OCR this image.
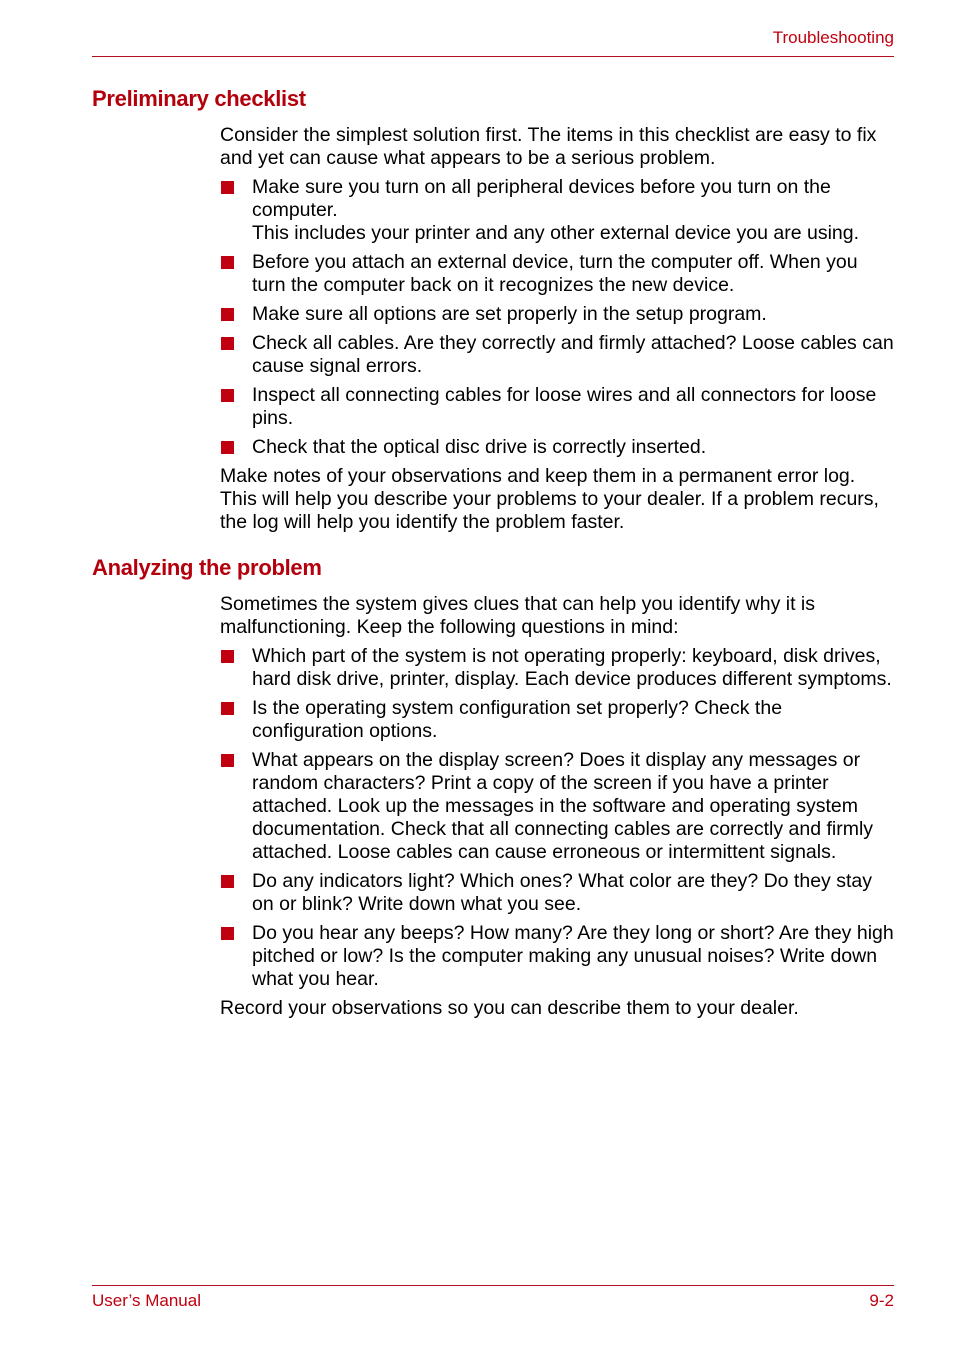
Troubleshooting
Preliminary checklist

Consider the simplest solution first. The items in this checklist are easy to fix and yet can cause what appears to be a serious problem.

Make sure you turn on all peripheral devices before you turn on the computer.
This includes your printer and any other external device you are using.
Before you attach an external device, turn the computer off. When you turn the computer back on it recognizes the new device.
Make sure all options are set properly in the setup program.
Check all cables. Are they correctly and firmly attached? Loose cables can cause signal errors.
Inspect all connecting cables for loose wires and all connectors for loose pins.
Check that the optical disc drive is correctly inserted.

Make notes of your observations and keep them in a permanent error log. This will help you describe your problems to your dealer. If a problem recurs, the log will help you identify the problem faster.

Analyzing the problem

Sometimes the system gives clues that can help you identify why it is malfunctioning. Keep the following questions in mind:

Which part of the system is not operating properly: keyboard, disk drives, hard disk drive, printer, display. Each device produces different symptoms.
Is the operating system configuration set properly? Check the configuration options.
What appears on the display screen? Does it display any messages or random characters? Print a copy of the screen if you have a printer attached. Look up the messages in the software and operating system documentation. Check that all connecting cables are correctly and firmly attached. Loose cables can cause erroneous or intermittent signals.
Do any indicators light? Which ones? What color are they? Do they stay on or blink? Write down what you see.
Do you hear any beeps? How many? Are they long or short? Are they high pitched or low? Is the computer making any unusual noises? Write down what you hear.

Record your observations so you can describe them to your dealer.

User’s Manual	9-2
